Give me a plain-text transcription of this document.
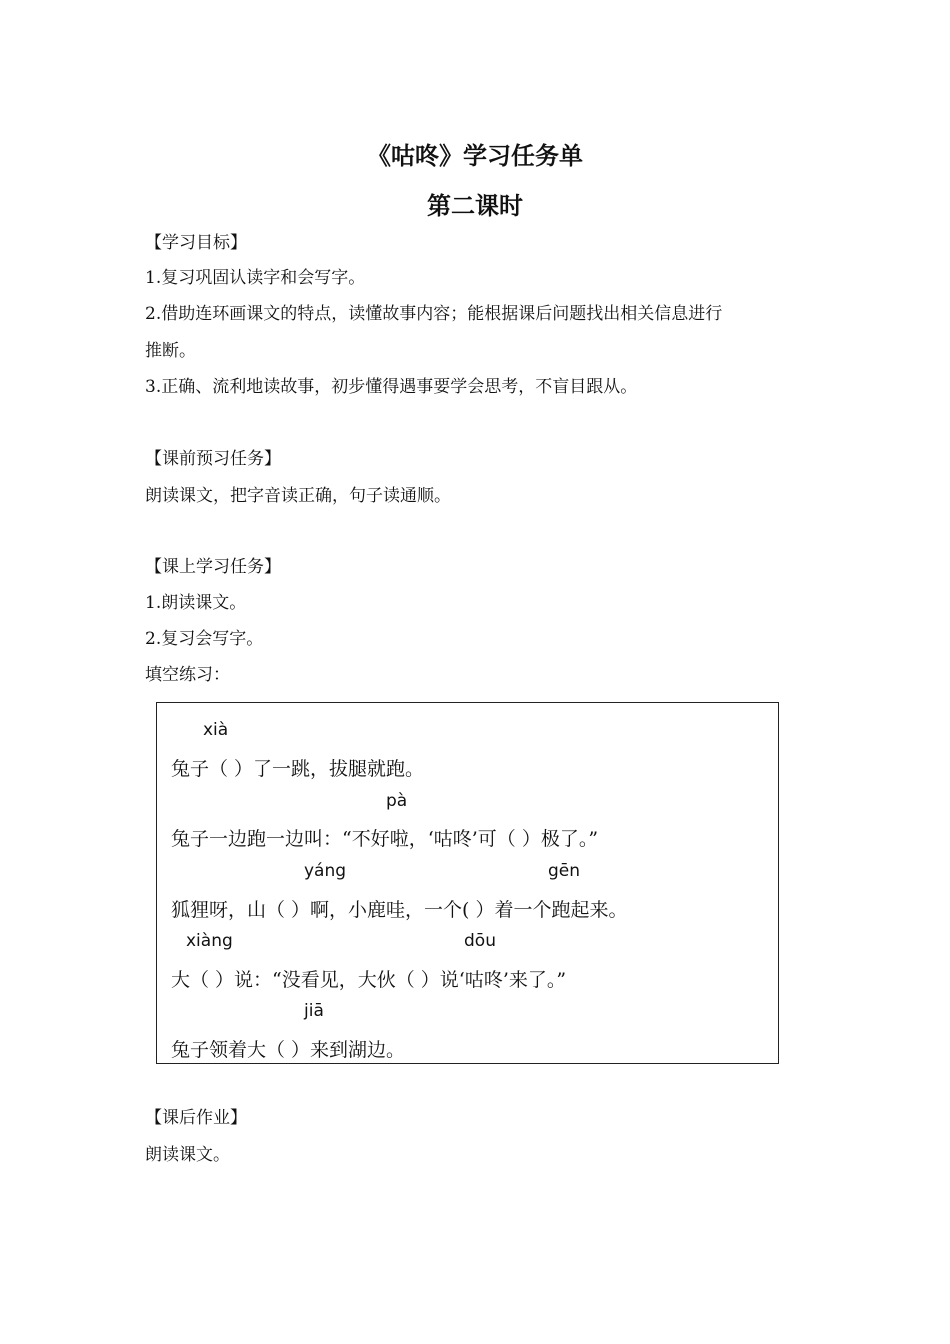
《咕咚》学习任务单
第二课时
【学习目标】
1.复习巩固认读字和会写字。
2.借助连环画课文的特点，读懂故事内容；能根据课后问题找出相关信息进行
推断。
3.正确、流利地读故事，初步懂得遇事要学会思考，不盲目跟从。
【课前预习任务】
朗读课文，把字音读正确，句子读通顺。
【课上学习任务】
1.朗读课文。
2.复习会写字。
填空练习：
xià
兔子（ ）了一跳，拔腿就跑。
pà
兔子一边跑一边叫：“不好啦，‘咕咚’可（ ）极了。”
yáng	gēn
狐狸呀，山（ ）啊，小鹿哇，一个( ）着一个跑起来。
xiàng	dōu
大（ ）说：“没看见，大伙（ ）说‘咕咚’来了。”
jiā
兔子领着大（ ）来到湖边。
【课后作业】
朗读课文。
